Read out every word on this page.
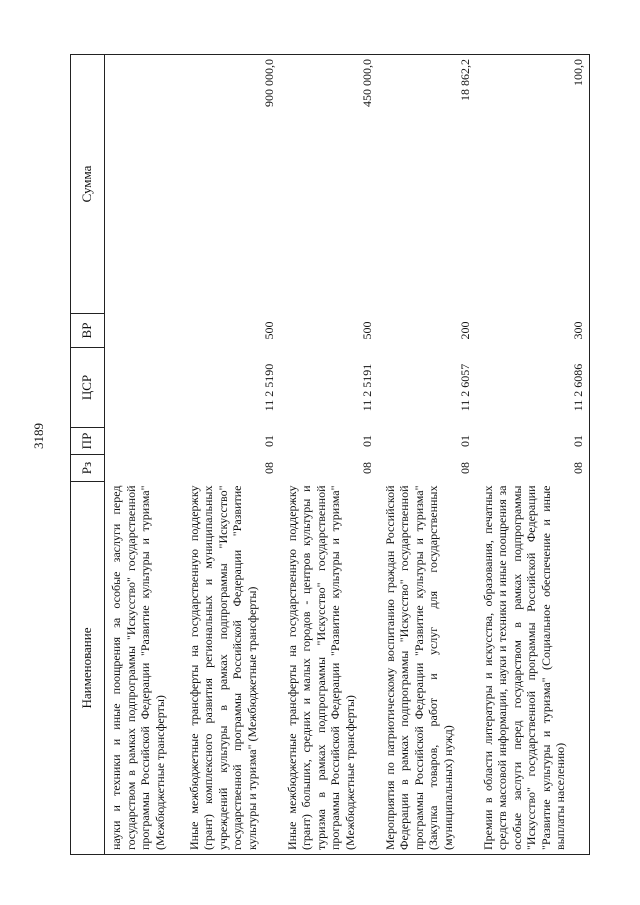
3189
Наименование	Рз	ПР	ЦСР	ВР	Сумма
науки и техники и иные поощрения за особые заслуги перед государством в рамках подпрограммы "Искусство" государственной программы Российской Федерации "Развитие культуры и туризма" (Межбюджетные трансферты)					
Иные межбюджетные трансферты на государственную поддержку (грант) комплексного развития региональных и муниципальных учреждений культуры в рамках подпрограммы "Искусство" государственной программы Российской Федерации "Развитие культуры и туризма" (Межбюджетные трансферты)	08	01	11 2 5190	500	900 000,0
Иные межбюджетные трансферты на государственную поддержку (грант) больших, средних и малых городов - центров культуры и туризма в рамках подпрограммы "Искусство" государственной программы Российской Федерации "Развитие культуры и туризма" (Межбюджетные трансферты)	08	01	11 2 5191	500	450 000,0
Мероприятия по патриотическому воспитанию граждан Российской Федерации в рамках подпрограммы "Искусство" государственной программы Российской Федерации "Развитие культуры и туризма" (Закупка товаров, работ и услуг для государственных (муниципальных) нужд)	08	01	11 2 6057	200	18 862,2
Премии в области литературы и искусства, образования, печатных средств массовой информации, науки и техники и иные поощрения за особые заслуги перед государством в рамках подпрограммы "Искусство" государственной программы Российской Федерации "Развитие культуры и туризма" (Социальное обеспечение и иные выплаты населению)	08	01	11 2 6086	300	100,0
